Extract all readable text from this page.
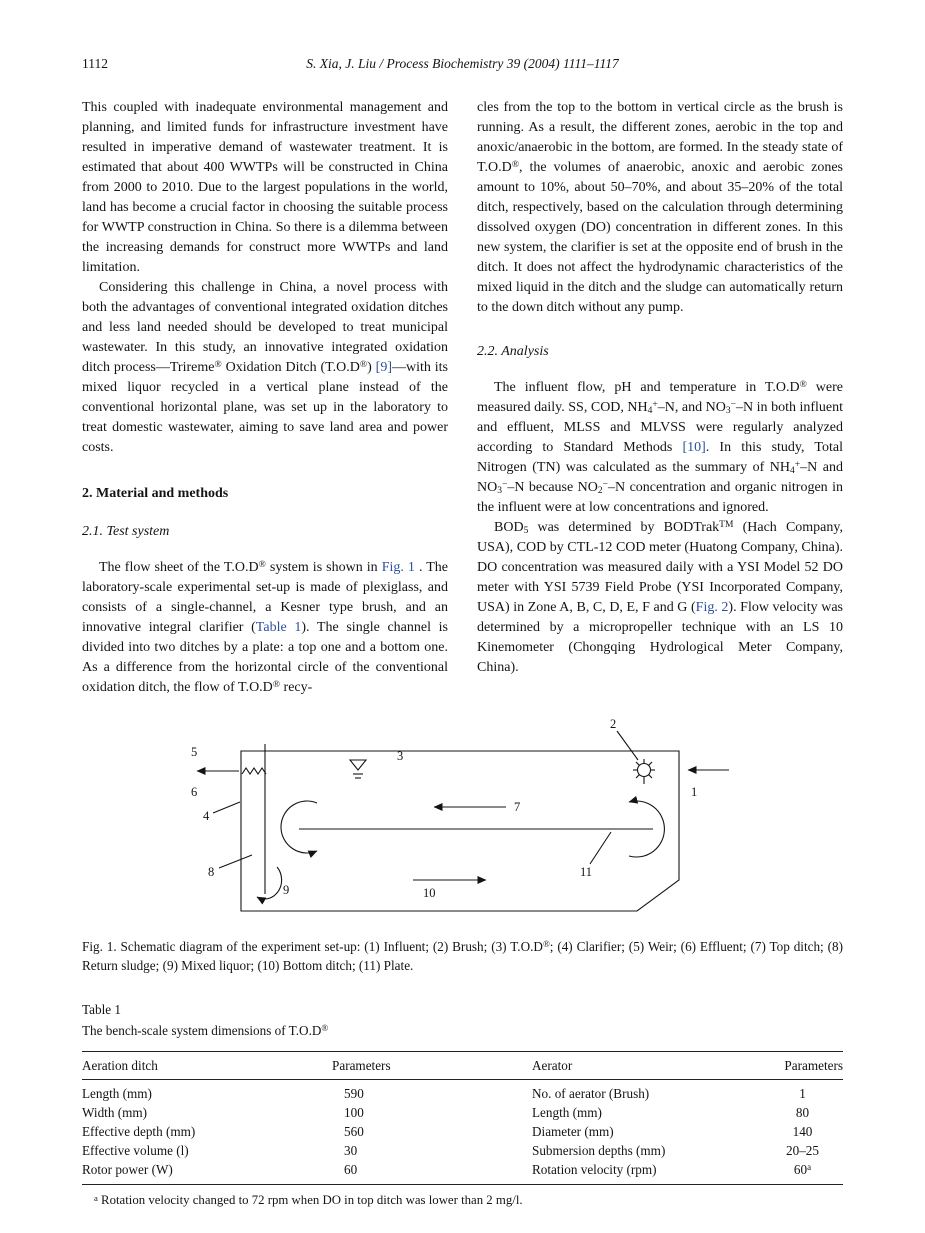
1112	S. Xia, J. Liu / Process Biochemistry 39 (2004) 1111–1117

This coupled with inadequate environmental management and planning, and limited funds for infrastructure investment have resulted in imperative demand of wastewater treatment. It is estimated that about 400 WWTPs will be constructed in China from 2000 to 2010. Due to the largest populations in the world, land has become a crucial factor in choosing the suitable process for WWTP construction in China. So there is a dilemma between the increasing demands for construct more WWTPs and land limitation.

Considering this challenge in China, a novel process with both the advantages of conventional integrated oxidation ditches and less land needed should be developed to treat municipal wastewater. In this study, an innovative integrated oxidation ditch process—Trireme® Oxidation Ditch (T.O.D®) [9]—with its mixed liquor recycled in a vertical plane instead of the conventional horizontal plane, was set up in the laboratory to treat domestic wastewater, aiming to save land area and power costs.

2. Material and methods
2.1. Test system

The flow sheet of the T.O.D® system is shown in Fig. 1 . The laboratory-scale experimental set-up is made of plexiglass, and consists of a single-channel, a Kesner type brush, and an innovative integral clarifier (Table 1). The single channel is divided into two ditches by a plate: a top one and a bottom one. As a difference from the horizontal circle of the conventional oxidation ditch, the flow of T.O.D® recy-

cles from the top to the bottom in vertical circle as the brush is running. As a result, the different zones, aerobic in the top and anoxic/anaerobic in the bottom, are formed. In the steady state of T.O.D®, the volumes of anaerobic, anoxic and aerobic zones amount to 10%, about 50–70%, and about 35–20% of the total ditch, respectively, based on the calculation through determining dissolved oxygen (DO) concentration in different zones. In this new system, the clarifier is set at the opposite end of brush in the ditch. It does not affect the hydrodynamic characteristics of the mixed liquid in the ditch and the sludge can automatically return to the down ditch without any pump.

2.2. Analysis

The influent flow, pH and temperature in T.O.D® were measured daily. SS, COD, $NH_4^+-N$, and $NO_3^--N$ in both influent and effluent, MLSS and MLVSS were regularly analyzed according to Standard Methods [10]. In this study, Total Nitrogen (TN) was calculated as the summary of $NH_4^+-N$ and $NO_3^--N$ because $NO_2^--N$ concentration and organic nitrogen in the influent were at low concentrations and ignored.

$BOD_5$ was determined by BODTrak™ (Hach Company, USA), COD by CTL-12 COD meter (Huatong Company, China). DO concentration was measured daily with a YSI Model 52 DO meter with YSI 5739 Field Probe (YSI Incorporated Company, USA) in Zone A, B, C, D, E, F and G (Fig. 2). Flow velocity was determined by a micropropeller technique with an LS 10 Kinemometer (Chongqing Hydrological Meter Company, China).

5
6
4
8
9
3
2
1
7
11
10
Fig. 1. Schematic diagram of the experiment set-up: (1) Influent; (2) Brush; (3) T.O.D®; (4) Clarifier; (5) Weir; (6) Effluent; (7) Top ditch; (8) Return sludge; (9) Mixed liquor; (10) Bottom ditch; (11) Plate.
Table 1
The bench-scale system dimensions of T.O.D®
Aeration ditch	Parameters	Aerator	Parameters
Length (mm)	590	No. of aerator (Brush)	1
Width (mm)	100	Length (mm)	80
Effective depth (mm)	560	Diameter (mm)	140
Effective volume (l)	30	Submersion depths (mm)	20–25
Rotor power (W)	60	Rotation velocity (rpm)	60$^a$
$^a$ Rotation velocity changed to 72 rpm when DO in top ditch was lower than 2 mg/l.
